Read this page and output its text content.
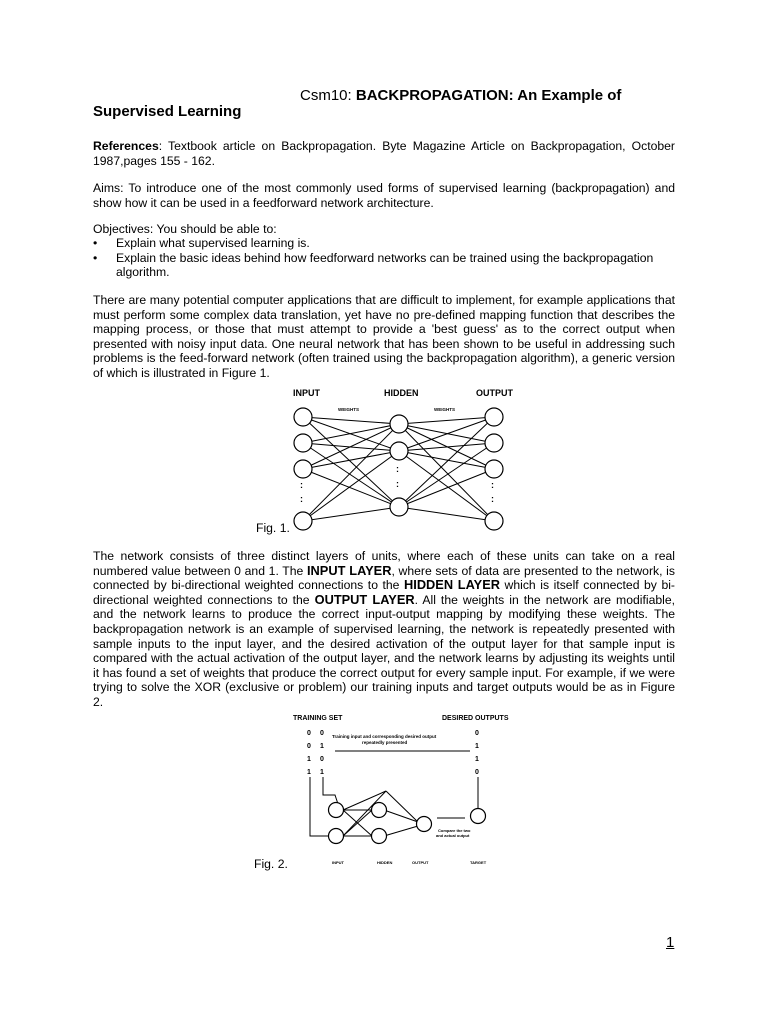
Csm10: BACKPROPAGATION: An Example of
Supervised Learning
References: Textbook article on Backpropagation. Byte Magazine Article on Backpropagation, October 1987,pages 155 - 162.
Aims: To introduce one of the most commonly used forms of supervised learning (backpropagation) and show how it can be used in a feedforward network architecture.
Objectives: You should be able to:
• Explain what supervised learning is.
• Explain the basic ideas behind how feedforward networks can be trained using the backpropagation algorithm.
There are many potential computer applications that are difficult to implement, for example applications that must perform some complex data translation, yet have no pre-defined mapping function that describes the mapping process, or those that must attempt to provide a 'best guess' as to the correct output when presented with noisy input data. One neural network that has been shown to be useful in addressing such problems is the feed-forward network (often trained using the backpropagation algorithm), a generic version of which is illustrated in Figure 1.
INPUT	HIDDEN	OUTPUT
WEIGHTS	WEIGHTS
:
:
:
:	:
:
Fig. 1.
The network consists of three distinct layers of units, where each of these units can take on a real numbered value between 0 and 1. The INPUT LAYER, where sets of data are presented to the network, is connected by bi-directional weighted connections to the HIDDEN LAYER which is itself connected by bi-directional weighted connections to the OUTPUT LAYER. All the weights in the network are modifiable, and the network learns to produce the correct input-output mapping by modifying these weights. The backpropagation network is an example of supervised learning, the network is repeatedly presented with sample inputs to the input layer, and the desired activation of the output layer for that sample input is compared with the actual activation of the output layer, and the network learns by adjusting its weights until it has found a set of weights that produce the correct output for every sample input. For example, if we were trying to solve the XOR (exclusive or problem) our training inputs and target outputs would be as in Figure 2.
TRAINING SET	DESIRED OUTPUTS
Training input and corresponding desired output
repeatedly presented
0 0	0
0 1	1
1 0	1
1 1	0
Compare the two
and actual output
INPUT	HIDDEN	OUTPUT	TARGET
Fig. 2.
1
